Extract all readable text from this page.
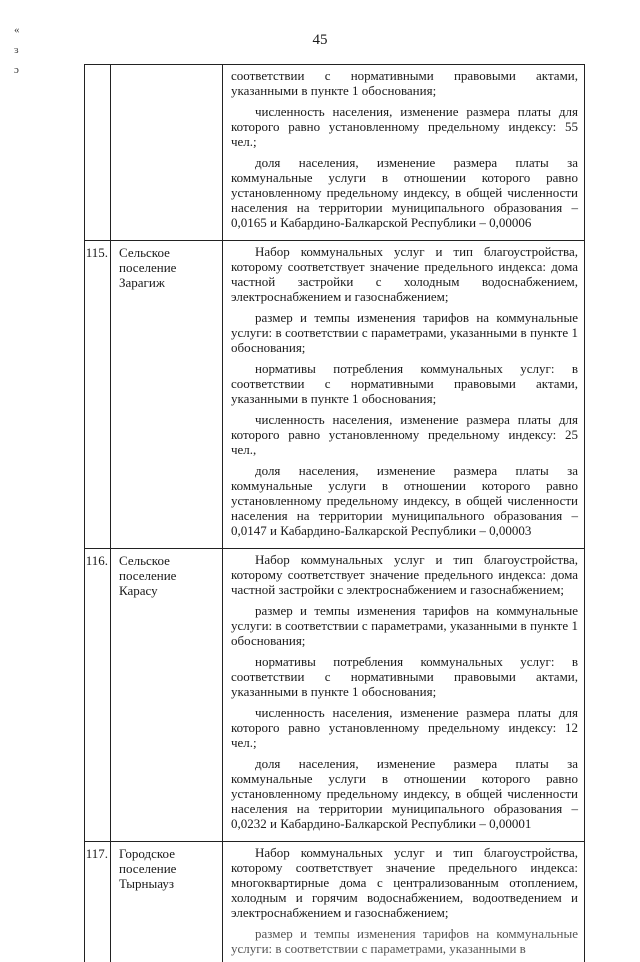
«
ɜ
ɔ
45

		соответствии с нормативными правовыми актами, указанными в пункте 1 обоснования;

численность населения, изменение размера платы для которого равно установленному предельному индексу: 55 чел.;

доля населения, изменение размера платы за коммунальные услуги в отношении которого равно установленному предельному индексу, в общей численности населения на территории муниципального образования – 0,0165 и Кабардино-Балкарской Республики – 0,00006

115.	Сельское поселение Зарагиж	Набор коммунальных услуг и тип благоустройства, которому соответствует значение предельного индекса: дома частной застройки с холодным водоснабжением, электроснабжением и газоснабжением;

размер и темпы изменения тарифов на коммунальные услуги: в соответствии с параметрами, указанными в пункте 1 обоснования;

нормативы потребления коммунальных услуг: в соответствии с нормативными правовыми актами, указанными в пункте 1 обоснования;

численность населения, изменение размера платы для которого равно установленному предельному индексу: 25 чел.,

доля населения, изменение размера платы за коммунальные услуги в отношении которого равно установленному предельному индексу, в общей численности населения на территории муниципального образования – 0,0147 и Кабардино-Балкарской Республики – 0,00003

116.	Сельское поселение Карасу	Набор коммунальных услуг и тип благоустройства, которому соответствует значение предельного индекса: дома частной застройки с электроснабжением и газоснабжением;

размер и темпы изменения тарифов на коммунальные услуги: в соответствии с параметрами, указанными в пункте 1 обоснования;

нормативы потребления коммунальных услуг: в соответствии с нормативными правовыми актами, указанными в пункте 1 обоснования;

численность населения, изменение размера платы для которого равно установленному предельному индексу: 12 чел.;

доля населения, изменение размера платы за коммунальные услуги в отношении которого равно установленному предельному индексу, в общей численности населения на территории муниципального образования – 0,0232 и Кабардино-Балкарской Республики – 0,00001

117.	Городское поселение Тырныауз	Набор коммунальных услуг и тип благоустройства, которому соответствует значение предельного индекса: многоквартирные дома с централизованным отоплением, холодным и горячим водоснабжением, водоотведением и электроснабжением и газоснабжением;

размер и темпы изменения тарифов на коммунальные услуги: в соответствии с параметрами, указанными в
